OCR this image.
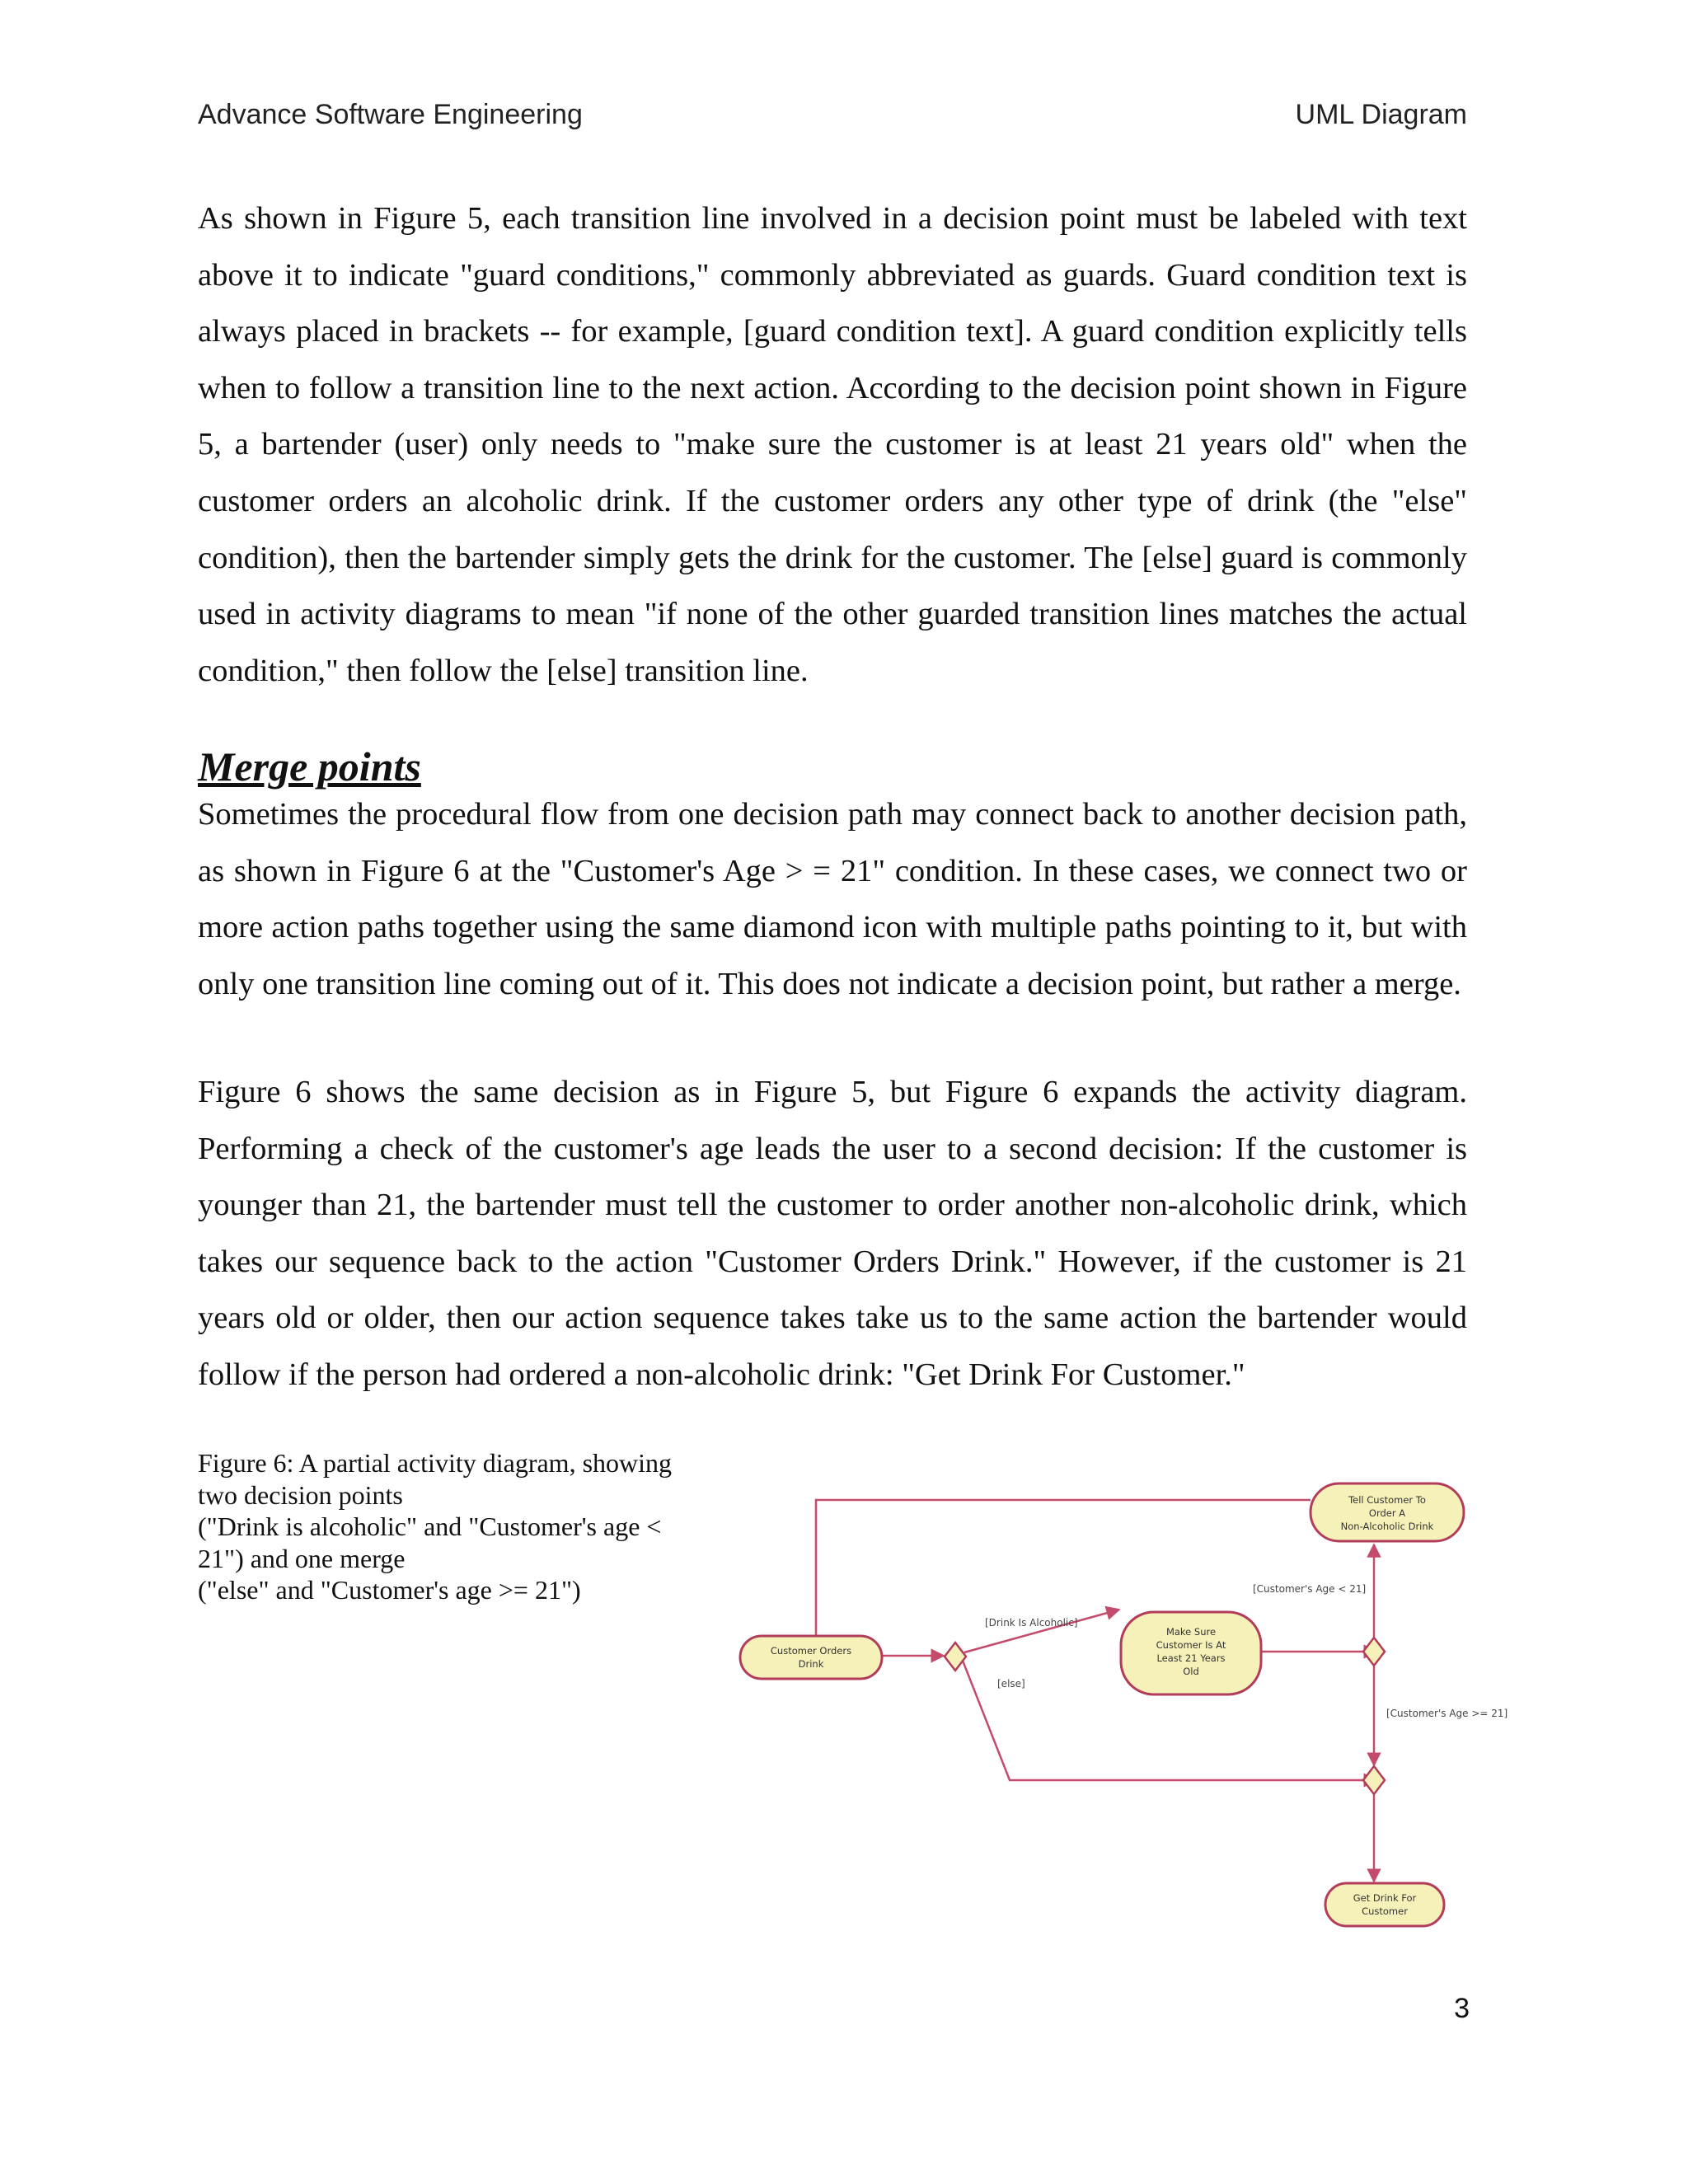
Advance Software Engineering	UML Diagram

As shown in Figure 5, each transition line involved in a decision point must be labeled with text above it to indicate "guard conditions," commonly abbreviated as guards. Guard condition text is always placed in brackets -- for example, [guard condition text]. A guard condition explicitly tells when to follow a transition line to the next action. According to the decision point shown in Figure 5, a bartender (user) only needs to "make sure the customer is at least 21 years old" when the customer orders an alcoholic drink. If the customer orders any other type of drink (the "else" condition), then the bartender simply gets the drink for the customer. The [else] guard is commonly used in activity diagrams to mean "if none of the other guarded transition lines matches the actual condition," then follow the [else] transition line.

Merge points

Sometimes the procedural flow from one decision path may connect back to another decision path, as shown in Figure 6 at the "Customer's Age > = 21" condition. In these cases, we connect two or more action paths together using the same diamond icon with multiple paths pointing to it, but with only one transition line coming out of it. This does not indicate a decision point, but rather a merge.

Figure 6 shows the same decision as in Figure 5, but Figure 6 expands the activity diagram. Performing a check of the customer's age leads the user to a second decision: If the customer is younger than 21, the bartender must tell the customer to order another non-alcoholic drink, which takes our sequence back to the action "Customer Orders Drink." However, if the customer is 21 years old or older, then our action sequence takes take us to the same action the bartender would follow if the person had ordered a non-alcoholic drink: "Get Drink For Customer."

Figure 6: A partial activity diagram, showing
two decision points
("Drink is alcoholic" and "Customer's age <
21") and one merge
("else" and "Customer's age >= 21")
Tell Customer To
Order A
Non-Alcoholic Drink
Make Sure
Customer Is At
Least 21 Years
Old
Customer Orders
Drink
Get Drink For
Customer
[Customer's Age < 21]
[Drink Is Alcoholic]
[else]
[Customer's Age >= 21]
3
